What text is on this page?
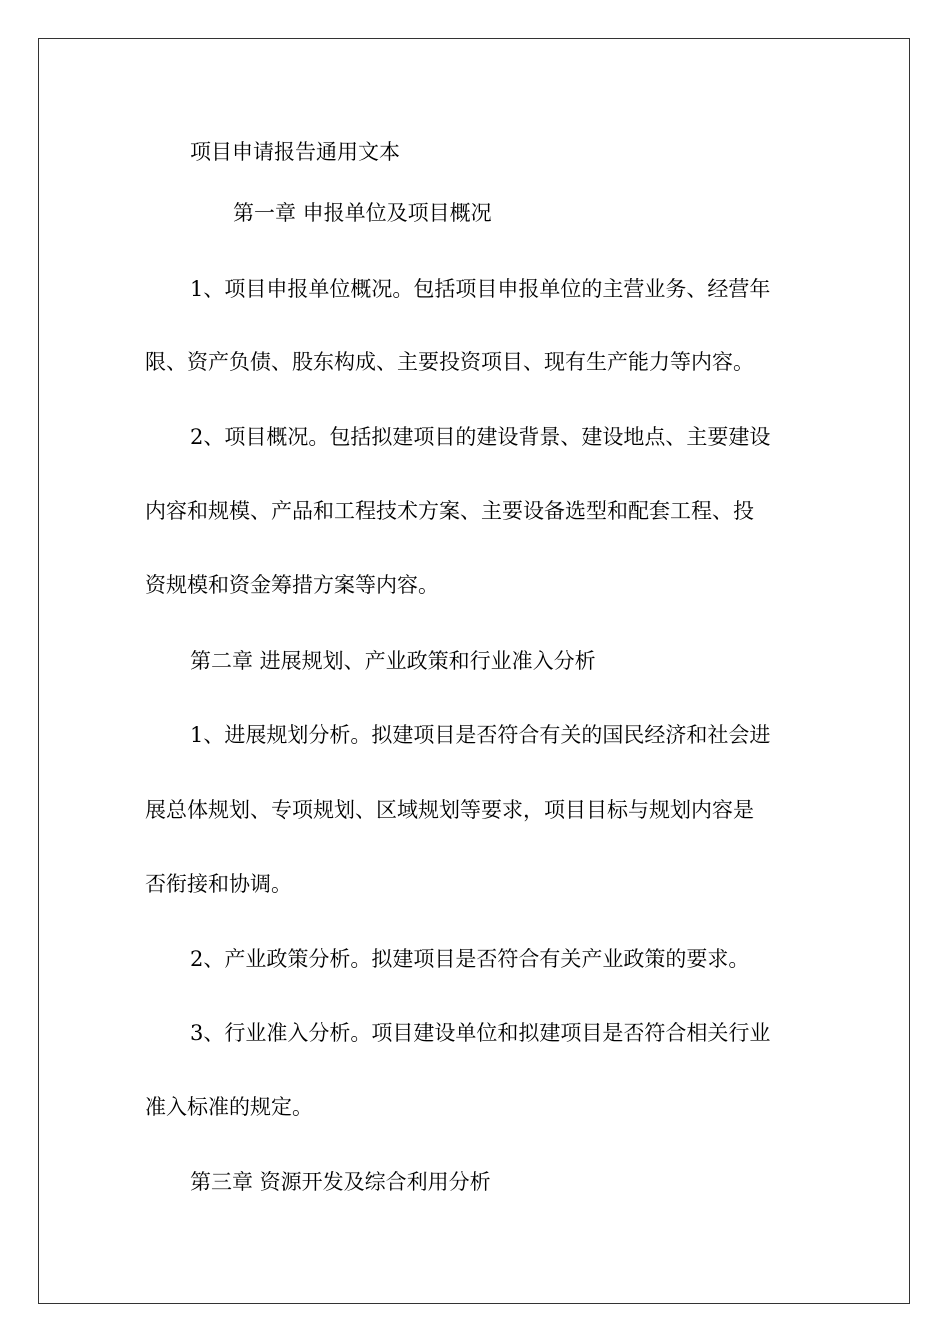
项目申请报告通用文本
第一章 申报单位及项目概况
1、项目申报单位概况。包括项目申报单位的主营业务、经营年
限、资产负债、股东构成、主要投资项目、现有生产能力等内容。
2、项目概况。包括拟建项目的建设背景、建设地点、主要建设
内容和规模、产品和工程技术方案、主要设备选型和配套工程、投
资规模和资金筹措方案等内容。
第二章 进展规划、产业政策和行业准入分析
1、进展规划分析。拟建项目是否符合有关的国民经济和社会进
展总体规划、专项规划、区域规划等要求，项目目标与规划内容是
否衔接和协调。
2、产业政策分析。拟建项目是否符合有关产业政策的要求。
3、行业准入分析。项目建设单位和拟建项目是否符合相关行业
准入标准的规定。
第三章 资源开发及综合利用分析
